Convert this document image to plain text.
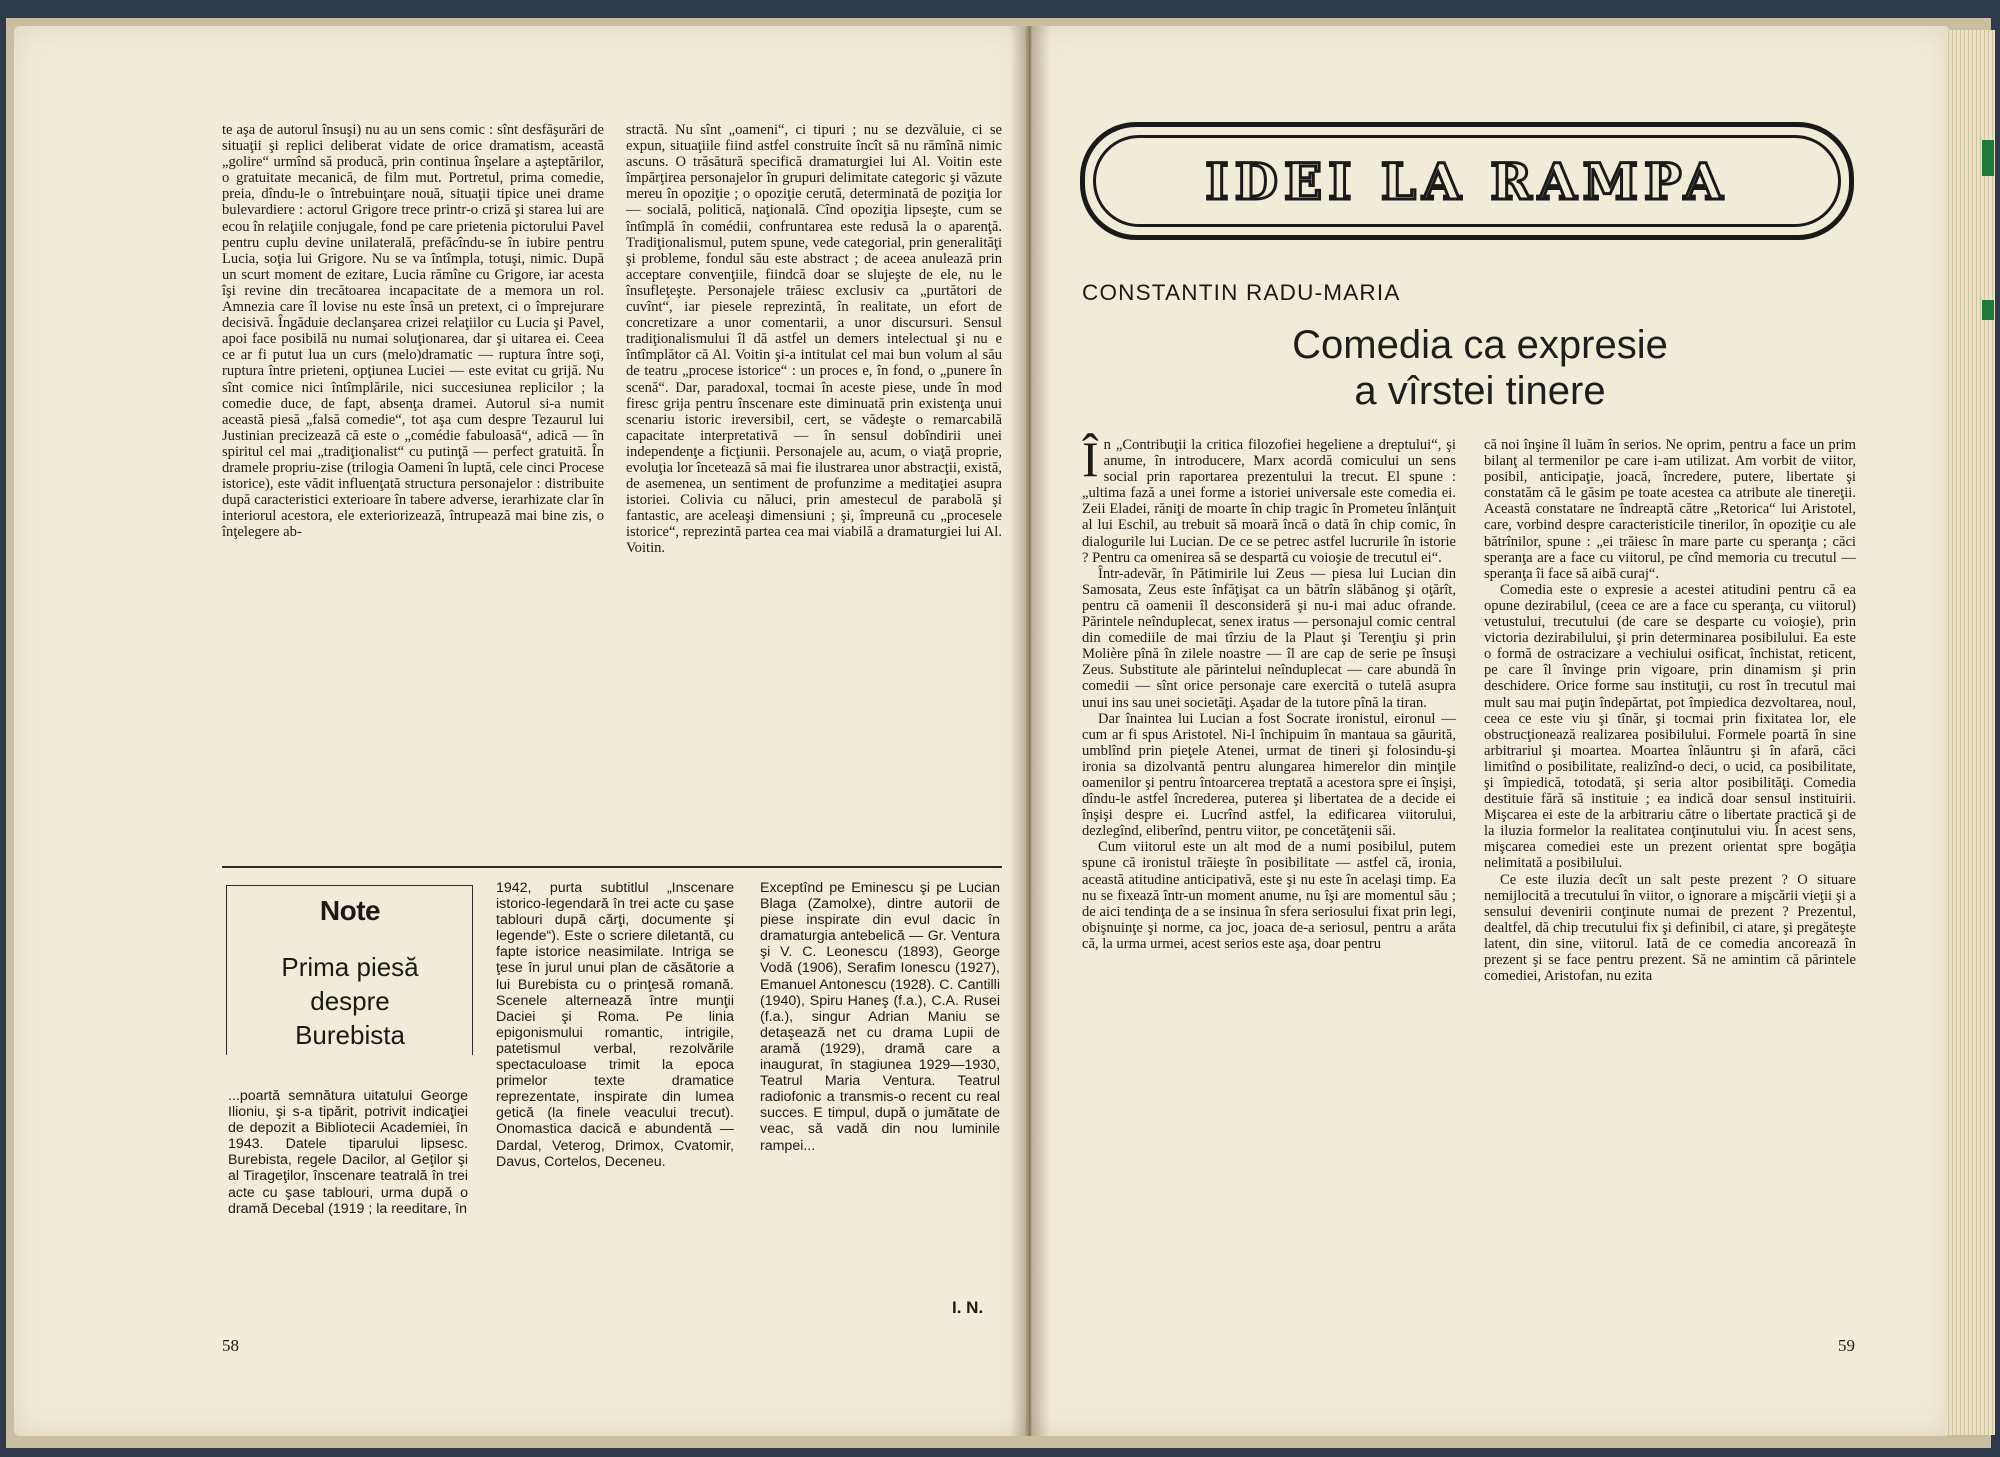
te aşa de autorul însuşi) nu au un sens comic : sînt desfăşurări de situaţii şi replici deliberat vidate de orice dramatism, această „golire“ urmînd să producă, prin continua înşelare a aşteptărilor, o gratuitate mecanică, de film mut. Portretul, prima comedie, preia, dîndu-le o întrebuinţare nouă, situaţii tipice unei drame bulevardiere : actorul Grigore trece printr-o criză şi starea lui are ecou în relaţiile conjugale, fond pe care prietenia pictorului Pavel pentru cuplu devine unilaterală, prefăcîndu-se în iubire pentru Lucia, soţia lui Grigore. Nu se va întîmpla, totuşi, nimic. După un scurt moment de ezitare, Lucia rămîne cu Grigore, iar acesta îşi revine din trecătoarea incapacitate de a memora un rol. Amnezia care îl lovise nu este însă un pretext, ci o împrejurare decisivă. Îngăduie declanşarea crizei relaţiilor cu Lucia şi Pavel, apoi face posibilă nu numai soluţionarea, dar şi uitarea ei. Ceea ce ar fi putut lua un curs (melo)dramatic — ruptura între soţi, ruptura între prieteni, opţiunea Luciei — este evitat cu grijă. Nu sînt comice nici întîmplările, nici succesiunea replicilor ; la comedie duce, de fapt, absenţa dramei. Autorul si-a numit această piesă „falsă comedie“, tot aşa cum despre Tezaurul lui Justinian precizează că este o „comédie fabuloasă“, adică — în spiritul cel mai „tradiţionalist“ cu putinţă — perfect gratuită. În dramele propriu-zise (trilogia Oameni în luptă, cele cinci Procese istorice), este vădit influenţată structura personajelor : distribuite după caracteristici exterioare în tabere adverse, ierarhizate clar în interiorul acestora, ele exteriorizează, întrupează mai bine zis, o înţelegere ab-

stractă. Nu sînt „oameni“, ci tipuri ; nu se dezvăluie, ci se expun, situaţiile fiind astfel construite încît să nu rămînă nimic ascuns. O trăsătură specifică dramaturgiei lui Al. Voitin este împărţirea personajelor în grupuri delimitate categoric şi văzute mereu în opoziţie ; o opoziţie cerută, determinată de poziţia lor — socială, politică, naţională. Cînd opoziţia lipseşte, cum se întîmplă în comédii, confruntarea este redusă la o aparenţă. Tradiţionalismul, putem spune, vede categorial, prin generalităţi şi probleme, fondul său este abstract ; de aceea anulează prin acceptare convenţiile, fiindcă doar se slujeşte de ele, nu le însufleţeşte. Personajele trăiesc exclusiv ca „purtători de cuvînt“, iar piesele reprezintă, în realitate, un efort de concretizare a unor comentarii, a unor discursuri. Sensul tradiţionalismului îl dă astfel un demers intelectual şi nu e întîmplător că Al. Voitin şi-a intitulat cel mai bun volum al său de teatru „procese istorice“ : un proces e, în fond, o „punere în scenă“. Dar, paradoxal, tocmai în aceste piese, unde în mod firesc grija pentru înscenare este diminuată prin existenţa unui scenariu istoric ireversibil, cert, se vădeşte o remarcabilă capacitate interpretativă — în sensul dobîndirii unei independenţe a ficţiunii. Personajele au, acum, o viaţă proprie, evoluţia lor încetează să mai fie ilustrarea unor abstracţii, există, de asemenea, un sentiment de profunzime a meditaţiei asupra istoriei. Colivia cu năluci, prin amestecul de parabolă şi fantastic, are aceleaşi dimensiuni ; şi, împreună cu „procesele istorice“, reprezintă partea cea mai viabilă a dramaturgiei lui Al. Voitin.

Note
Prima piesă
despre
Burebista

...poartă semnătura uitatului George Ilioniu, şi s-a tipărit, potrivit indicaţiei de depozit a Bibliotecii Academiei, în 1943. Datele tiparului lipsesc. Burebista, regele Dacilor, al Geţilor şi al Tirageţilor, înscenare teatrală în trei acte cu şase tablouri, urma după o dramă Decebal (1919 ; la reeditare, în

1942, purta subtitlul „Inscenare istorico-legendară în trei acte cu şase tablouri după cărţi, documente şi legende“). Este o scriere diletantă, cu fapte istorice neasimilate. Intriga se ţese în jurul unui plan de căsătorie a lui Burebista cu o prinţesă romană. Scenele alternează între munţii Daciei şi Roma. Pe linia epigonismului romantic, intrigile, patetismul verbal, rezolvările spectaculoase trimit la epoca primelor texte dramatice reprezentate, inspirate din lumea getică (la finele veacului trecut). Onomastica dacică e abundentă — Dardal, Veterog, Drimox, Cvatomir, Davus, Cortelos, Deceneu.

Exceptînd pe Eminescu şi pe Lucian Blaga (Zamolxe), dintre autorii de piese inspirate din evul dacic în dramaturgia antebelică — Gr. Ventura şi V. C. Leonescu (1893), George Vodă (1906), Serafim Ionescu (1927), Emanuel Antonescu (1928). C. Cantilli (1940), Spiru Haneş (f.a.), C.A. Rusei (f.a.), singur Adrian Maniu se detaşează net cu drama Lupii de aramă (1929), dramă care a inaugurat, în stagiunea 1929—1930, Teatrul Maria Ventura. Teatrul radiofonic a transmis-o recent cu real succes. E timpul, după o jumătate de veac, să vadă din nou luminile rampei...

I. N.
58
IDEI LA RAMPA
CONSTANTIN RADU-MARIA
Comedia ca expresie
a vîrstei tinere

În „Contribuţii la critica filozofiei hegeliene a dreptului“, şi anume, în introducere, Marx acordă comicului un sens social prin raportarea prezentului la trecut. El spune : „ultima fază a unei forme a istoriei universale este comedia ei. Zeii Eladei, răniţi de moarte în chip tragic în Prometeu înlănţuit al lui Eschil, au trebuit să moară încă o dată în chip comic, în dialogurile lui Lucian. De ce se petrec astfel lucrurile în istorie ? Pentru ca omenirea să se despartă cu voioşie de trecutul ei“.

Într-adevăr, în Pătimirile lui Zeus — piesa lui Lucian din Samosata, Zeus este înfăţişat ca un bătrîn slăbănog şi oţărît, pentru că oamenii îl desconsideră şi nu-i mai aduc ofrande. Părintele neînduplecat, senex iratus — personajul comic central din comediile de mai tîrziu de la Plaut şi Terenţiu şi prin Molière pînă în zilele noastre — îl are cap de serie pe însuşi Zeus. Substitute ale părintelui neînduplecat — care abundă în comedii — sînt orice personaje care exercită o tutelă asupra unui ins sau unei societăţi. Aşadar de la tutore pînă la tiran.

Dar înaintea lui Lucian a fost Socrate ironistul, eironul — cum ar fi spus Aristotel. Ni-l închipuim în mantaua sa găurită, umblînd prin pieţele Atenei, urmat de tineri şi folosindu-şi ironia sa dizolvantă pentru alungarea himerelor din minţile oamenilor şi pentru întoarcerea treptată a acestora spre ei înşişi, dîndu-le astfel încrederea, puterea şi libertatea de a decide ei înşişi despre ei. Lucrînd astfel, la edificarea viitorului, dezlegînd, eliberînd, pentru viitor, pe concetăţenii săi.

Cum viitorul este un alt mod de a numi posibilul, putem spune că ironistul trăieşte în posibilitate — astfel că, ironia, această atitudine anticipativă, este şi nu este în acelaşi timp. Ea nu se fixează într-un moment anume, nu îşi are momentul său ; de aici tendinţa de a se insinua în sfera seriosului fixat prin legi, obişnuinţe şi norme, ca joc, joaca de-a seriosul, pentru a arăta că, la urma urmei, acest serios este aşa, doar pentru

că noi înşine îl luăm în serios. Ne oprim, pentru a face un prim bilanţ al termenilor pe care i-am utilizat. Am vorbit de viitor, posibil, anticipaţie, joacă, încredere, putere, libertate şi constatăm că le găsim pe toate acestea ca atribute ale tinereţii. Această constatare ne îndreaptă către „Retorica“ lui Aristotel, care, vorbind despre caracteristicile tinerilor, în opoziţie cu ale bătrînilor, spune : „ei trăiesc în mare parte cu speranţa ; căci speranţa are a face cu viitorul, pe cînd memoria cu trecutul — speranţa îi face să aibă curaj“.

Comedia este o expresie a acestei atitudini pentru că ea opune dezirabilul, (ceea ce are a face cu speranţa, cu viitorul) vetustului, trecutului (de care se desparte cu voioşie), prin victoria dezirabilului, şi prin determinarea posibilului. Ea este o formă de ostracizare a vechiului osificat, închistat, reticent, pe care îl învinge prin vigoare, prin dinamism şi prin deschidere. Orice forme sau instituţii, cu rost în trecutul mai mult sau mai puţin îndepărtat, pot împiedica dezvoltarea, noul, ceea ce este viu şi tînăr, şi tocmai prin fixitatea lor, ele obstrucţionează realizarea posibilului. Formele poartă în sine arbitrariul şi moartea. Moartea înlăuntru şi în afară, căci limitînd o posibilitate, realizînd-o deci, o ucid, ca posibilitate, şi împiedică, totodată, şi seria altor posibilităţi. Comedia destituie fără să instituie ; ea indică doar sensul instituirii. Mişcarea ei este de la arbitrariu către o libertate practică şi de la iluzia formelor la realitatea conţinutului viu. În acest sens, mişcarea comediei este un prezent orientat spre bogăţia nelimitată a posibilului.

Ce este iluzia decît un salt peste prezent ? O situare nemijlocită a trecutului în viitor, o ignorare a mişcării vieţii şi a sensului devenirii conţinute numai de prezent ? Prezentul, dealtfel, dă chip trecutului fix şi definibil, ci atare, şi pregăteşte latent, din sine, viitorul. Iată de ce comedia ancorează în prezent şi se face pentru prezent. Să ne amintim că părintele comediei, Aristofan, nu ezita

59
